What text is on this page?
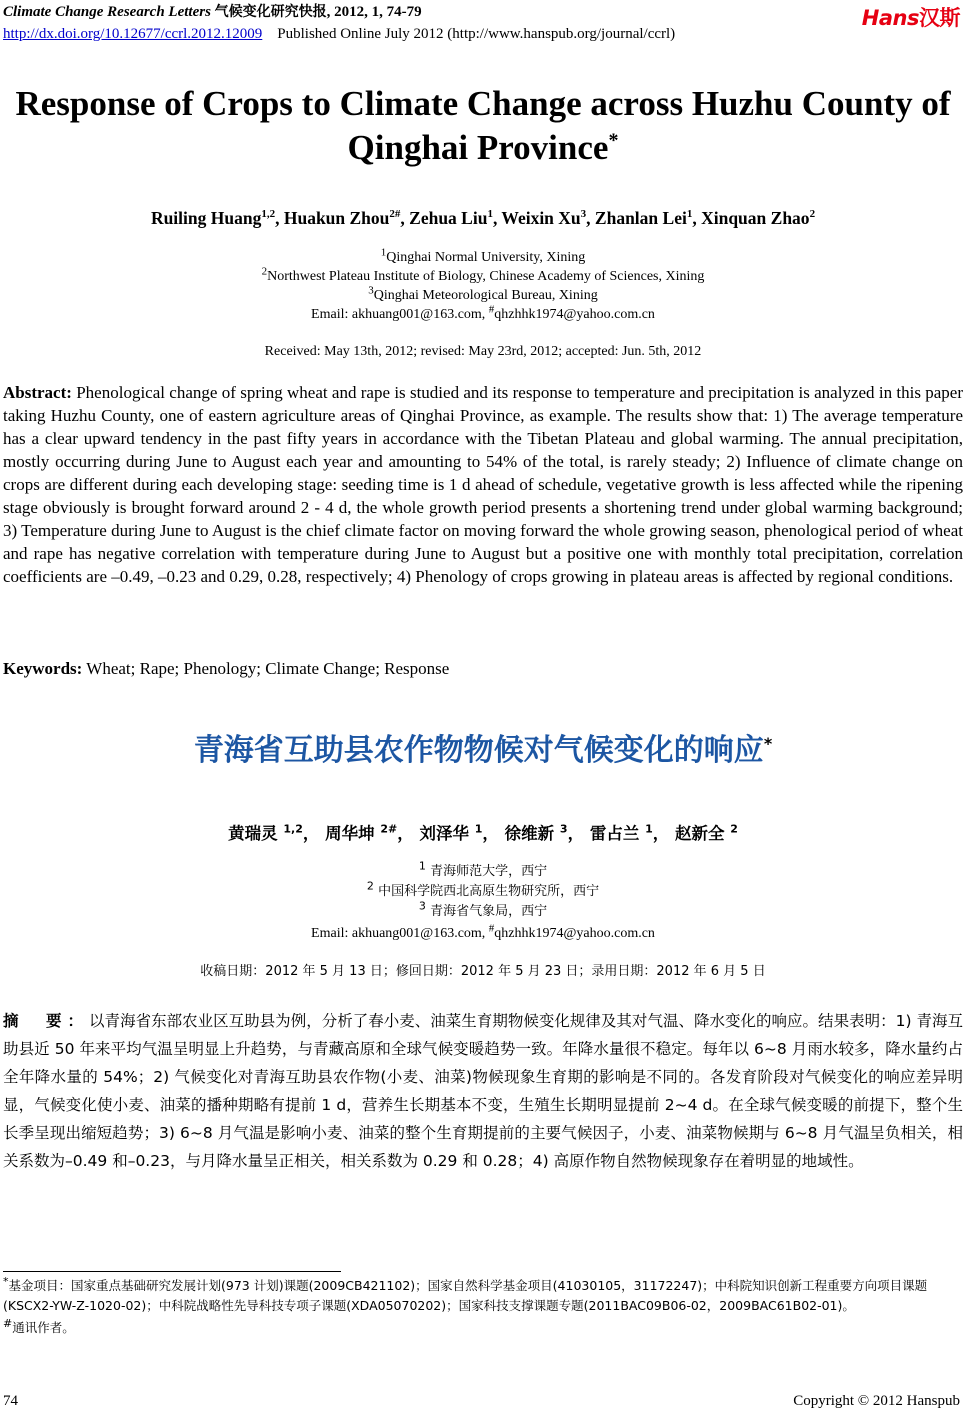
Climate Change Research Letters 气候变化研究快报, 2012, 1, 74-79
http://dx.doi.org/10.12677/ccrl.2012.12009 Published Online July 2012 (http://www.hanspub.org/journal/ccrl)
Hans汉斯
Response of Crops to Climate Change across Huzhu County of Qinghai Province*
Ruiling Huang$^{1,2}$, Huakun Zhou$^{2\#}$, Zehua Liu$^1$, Weixin Xu$^3$, Zhanlan Lei$^1$, Xinquan Zhao$^2$
$^1$Qinghai Normal University, Xining
$^2$Northwest Plateau Institute of Biology, Chinese Academy of Sciences, Xining
$^3$Qinghai Meteorological Bureau, Xining
Email: akhuang001@163.com, #qhzhhk1974@yahoo.com.cn
Received: May 13th, 2012; revised: May 23rd, 2012; accepted: Jun. 5th, 2012
Abstract: Phenological change of spring wheat and rape is studied and its response to temperature and precipitation is analyzed in this paper taking Huzhu County, one of eastern agriculture areas of Qinghai Province, as example. The results show that: 1) The average temperature has a clear upward tendency in the past fifty years in accordance with the Tibetan Plateau and global warming. The annual precipitation, mostly occurring during June to August each year and amounting to 54% of the total, is rarely steady; 2) Influence of climate change on crops are different during each developing stage: seeding time is 1 d ahead of schedule, vegetative growth is less affected while the ripening stage obviously is brought forward around 2 - 4 d, the whole growth period presents a shortening trend under global warming background; 3) Temperature during June to August is the chief climate factor on moving forward the whole growing season, phenological period of wheat and rape has negative correlation with temperature during June to August but a positive one with monthly total precipitation, correlation coefficients are –0.49, –0.23 and 0.29, 0.28, respectively; 4) Phenology of crops growing in plateau areas is affected by regional conditions.
Keywords: Wheat; Rape; Phenology; Climate Change; Response
青海省互助县农作物物候对气候变化的响应*
黄瑞灵 $^{1,2}$， 周华坤 $^{2\#}$， 刘泽华 $^1$， 徐维新 $^3$， 雷占兰 $^1$， 赵新全 $^2$
$^1$ 青海师范大学，西宁
$^2$ 中国科学院西北高原生物研究所，西宁
$^3$ 青海省气象局，西宁
Email: akhuang001@163.com, #qhzhhk1974@yahoo.com.cn
收稿日期：2012 年 5 月 13 日；修回日期：2012 年 5 月 23 日；录用日期：2012 年 6 月 5 日
摘　要：以青海省东部农业区互助县为例，分析了春小麦、油菜生育期物候变化规律及其对气温、降水变化的响应。结果表明：1) 青海互助县近 50 年来平均气温呈明显上升趋势，与青藏高原和全球气候变暖趋势一致。年降水量很不稳定。每年以 6~8 月雨水较多，降水量约占全年降水量的 54%；2) 气候变化对青海互助县农作物(小麦、油菜)物候现象生育期的影响是不同的。各发育阶段对气候变化的响应差异明显，气候变化使小麦、油菜的播种期略有提前 1 d，营养生长期基本不变，生殖生长期明显提前 2~4 d。在全球气候变暖的前提下，整个生长季呈现出缩短趋势；3) 6~8 月气温是影响小麦、油菜的整个生育期提前的主要气候因子，小麦、油菜物候期与 6~8 月气温呈负相关，相关系数为–0.49 和–0.23，与月降水量呈正相关，相关系数为 0.29 和 0.28；4) 高原作物自然物候现象存在着明显的地域性。
*基金项目：国家重点基础研究发展计划(973 计划)课题(2009CB421102)；国家自然科学基金项目(41030105，31172247)；中科院知识创新工程重要方向项目课题(KSCX2-YW-Z-1020-02)；中科院战略性先导科技专项子课题(XDA05070202)；国家科技支撑课题专题(2011BAC09B06-02，2009BAC61B02-01)。
#通讯作者。
74	Copyright © 2012 Hanspub
